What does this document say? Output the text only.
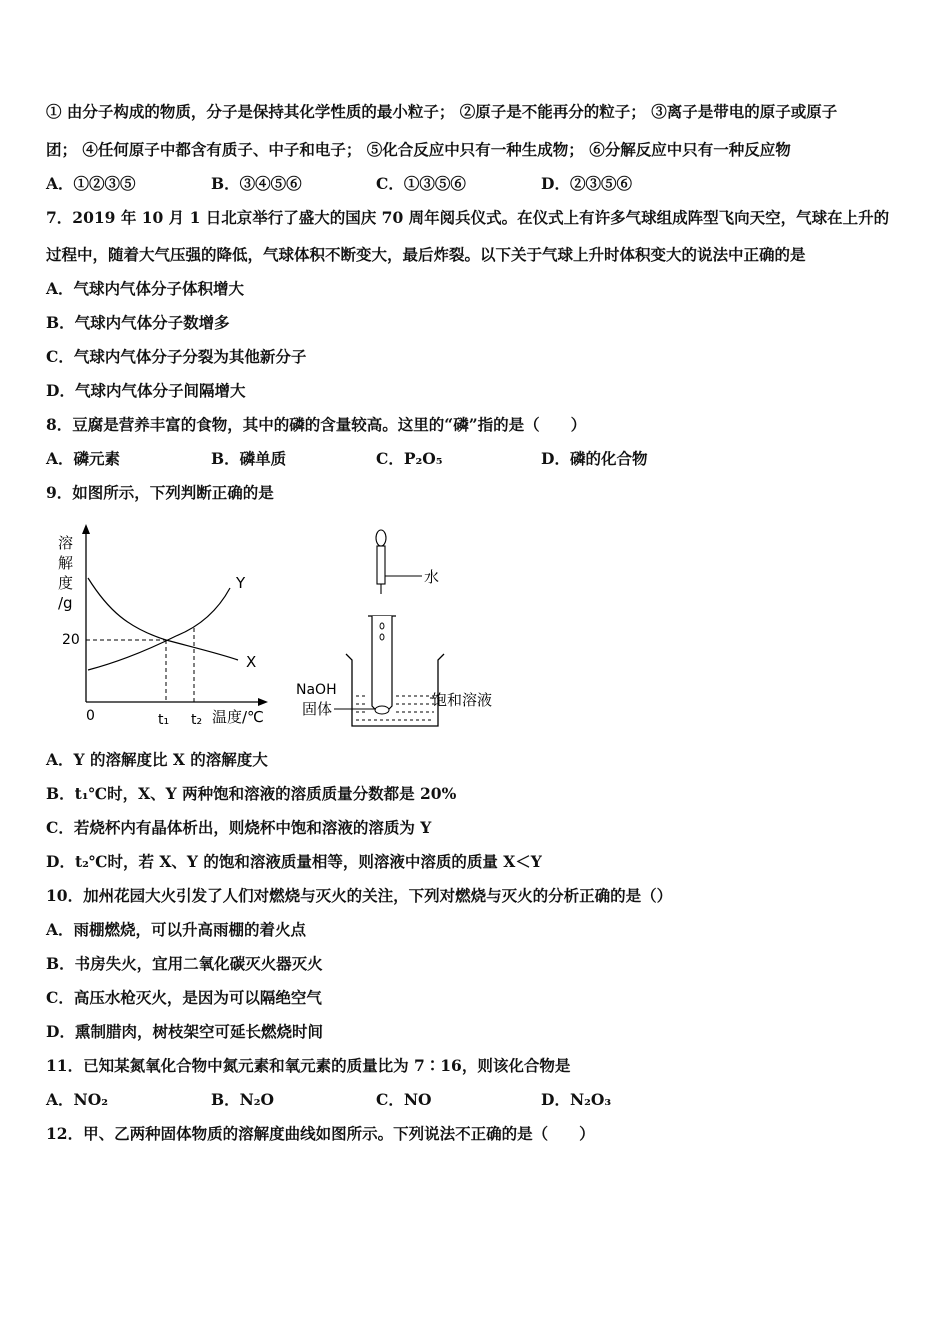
① 由分子构成的物质，分子是保持其化学性质的最小粒子； ②原子是不能再分的粒子； ③离子是带电的原子或原子
团； ④任何原子中都含有质子、中子和电子； ⑤化合反应中只有一种生成物； ⑥分解反应中只有一种反应物
A．①②③⑤	B．③④⑤⑥	C．①③⑤⑥	D．②③⑤⑥
7．2019 年 10 月 1 日北京举行了盛大的国庆 70 周年阅兵仪式。在仪式上有许多气球组成阵型飞向天空，气球在上升的
过程中，随着大气压强的降低，气球体积不断变大，最后炸裂。以下关于气球上升时体积变大的说法中正确的是
A．气球内气体分子体积增大
B．气球内气体分子数增多
C．气球内气体分子分裂为其他新分子
D．气球内气体分子间隔增大
8．豆腐是营养丰富的食物，其中的磷的含量较高。这里的“磷”指的是（　　）
A．磷元素	B．磷单质	C．P₂O₅	D．磷的化合物
9．如图所示，下列判断正确的是
溶
解
度
/g
20
0	t₁ t₂ 温度/℃
Y
X
水
NaOH
固体	饱和溶液
A．Y 的溶解度比 X 的溶解度大
B．t₁℃时，X、Y 两种饱和溶液的溶质质量分数都是 20%
C．若烧杯内有晶体析出，则烧杯中饱和溶液的溶质为 Y
D．t₂℃时，若 X、Y 的饱和溶液质量相等，则溶液中溶质的质量 X＜Y
10．加州花园大火引发了人们对燃烧与灭火的关注，下列对燃烧与灭火的分析正确的是（）
A．雨棚燃烧，可以升高雨棚的着火点
B．书房失火，宜用二氧化碳灭火器灭火
C．高压水枪灭火，是因为可以隔绝空气
D．熏制腊肉，树枝架空可延长燃烧时间
11．已知某氮氧化合物中氮元素和氧元素的质量比为 7∶16，则该化合物是
A．NO₂	B．N₂O	C．NO	D．N₂O₃
12．甲、乙两种固体物质的溶解度曲线如图所示。下列说法不正确的是（　　）
